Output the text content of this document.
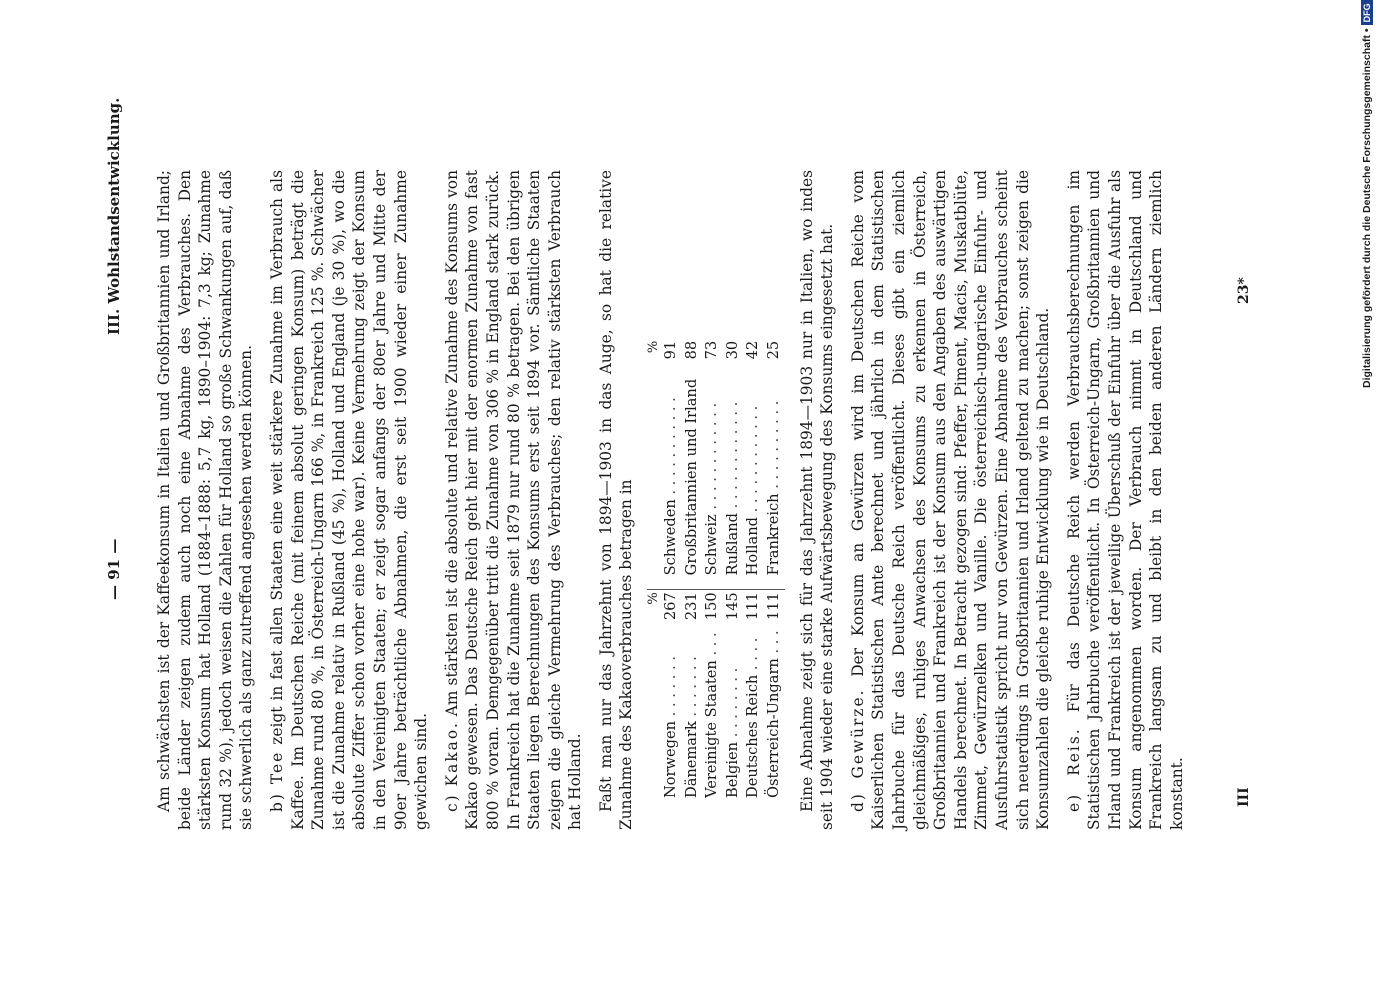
— 91 —
III. Wohlstandsentwicklung. Am schwächsten ist der Kaffeekonsum in Italien und Großbritannien und Irland; beide Länder zeigen zudem auch noch eine Abnahme des Verbrauches. Den stärksten Konsum hat Holland (1884–1888: 5,7 kg, 1890–1904: 7,3 kg; Zunahme rund 32 %), jedoch weisen die Zahlen für Holland so große Schwankungen auf, daß sie schwerlich als ganz zutreffend angesehen werden können. b) Tee zeigt in fast allen Staaten eine weit stärkere Zunahme im Verbrauch als Kaffee. Im Deutschen Reiche (mit feinem absolut geringen Konsum) beträgt die Zunahme rund 80 %, in Österreich-Ungarn 166 %, in Frankreich 125 %. Schwächer ist die Zunahme relativ in Rußland (45 %), Holland und England (je 30 %), wo die absolute Ziffer schon vorher eine hohe war). Keine Vermehrung zeigt der Konsum in den Vereinigten Staaten; er zeigt sogar anfangs der 80er Jahre und Mitte der 90er Jahre beträchtliche Abnahmen, die erst seit 1900 wieder einer Zunahme gewichen sind. c) Kakao. Am stärksten ist die absolute und relative Zunahme des Konsums von Kakao gewesen. Das Deutsche Reich geht hier mit der enormen Zunahme von fast 800 % voran. Demgegenüber tritt die Zunahme von 306 % in England stark zurück. In Frankreich hat die Zunahme seit 1879 nur rund 80 % betragen. Bei den übrigen Staaten liegen Berechnungen des Konsums erst seit 1894 vor. Sämtliche Staaten zeigen die gleiche Vermehrung des Verbrauches; den relativ stärksten Verbrauch hat Holland. Faßt man nur das Jahrzehnt von 1894—1903 in das Auge, so hat die relative Zunahme des Kakaoverbrauches betragen in

	%
Norwegen . . . . . . .	267
Dänemark . . . . . . .	231
Vereinigte Staaten . . .	150
Belgien . . . . . . . .	145
Deutsches Reich . . . .	111
Österreich-Ungarn . . .	111
	%
Schweden . . . . . . . . . . .	91
Großbritannien und Irland	88
Schweiz . . . . . . . . . . . .	73
Rußland . . . . . . . . . . . .	30
Holland . . . . . . . . . . . .	42
Frankreich . . . . . . . . . .	25 Eine Abnahme zeigt sich für das Jahrzehnt 1894—1903 nur in Italien, wo indes seit 1904 wieder eine starke Aufwärtsbewegung des Konsums eingesetzt hat. d) Gewürze. Der Konsum an Gewürzen wird im Deutschen Reiche vom Kaiserlichen Statistischen Amte berechnet und jährlich in dem Statistischen Jahrbuche für das Deutsche Reich veröffentlicht. Dieses gibt ein ziemlich gleichmäßiges, ruhiges Anwachsen des Konsums zu erkennen in Österreich, Großbritannien und Frankreich ist der Konsum aus den Angaben des auswärtigen Handels berechnet. In Betracht gezogen sind: Pfeffer, Piment, Macis, Muskatblüte, Zimmet, Gewürznelken und Vanille. Die österreichisch-ungarische Einfuhr- und Ausfuhrstatistik spricht nur von Gewürzen. Eine Abnahme des Verbrauches scheint sich neuerdings in Großbritannien und Irland geltend zu machen; sonst zeigen die Konsumzahlen die gleiche ruhige Entwicklung wie in Deutschland. e) Reis. Für das Deutsche Reich werden Verbrauchsberechnungen im Statistischen Jahrbuche veröffentlicht. In Österreich-Ungarn, Großbritannien und Irland und Frankreich ist der jeweilige Überschuß der Einfuhr über die Ausfuhr als Konsum angenommen worden. Der Verbrauch nimmt in Deutschland und Frankreich langsam zu und bleibt in den beiden anderen Ländern ziemlich konstant.	III
23*	Digitalisierung gefördert durch die Deutsche Forschungsgemeinschaft •
DFG
